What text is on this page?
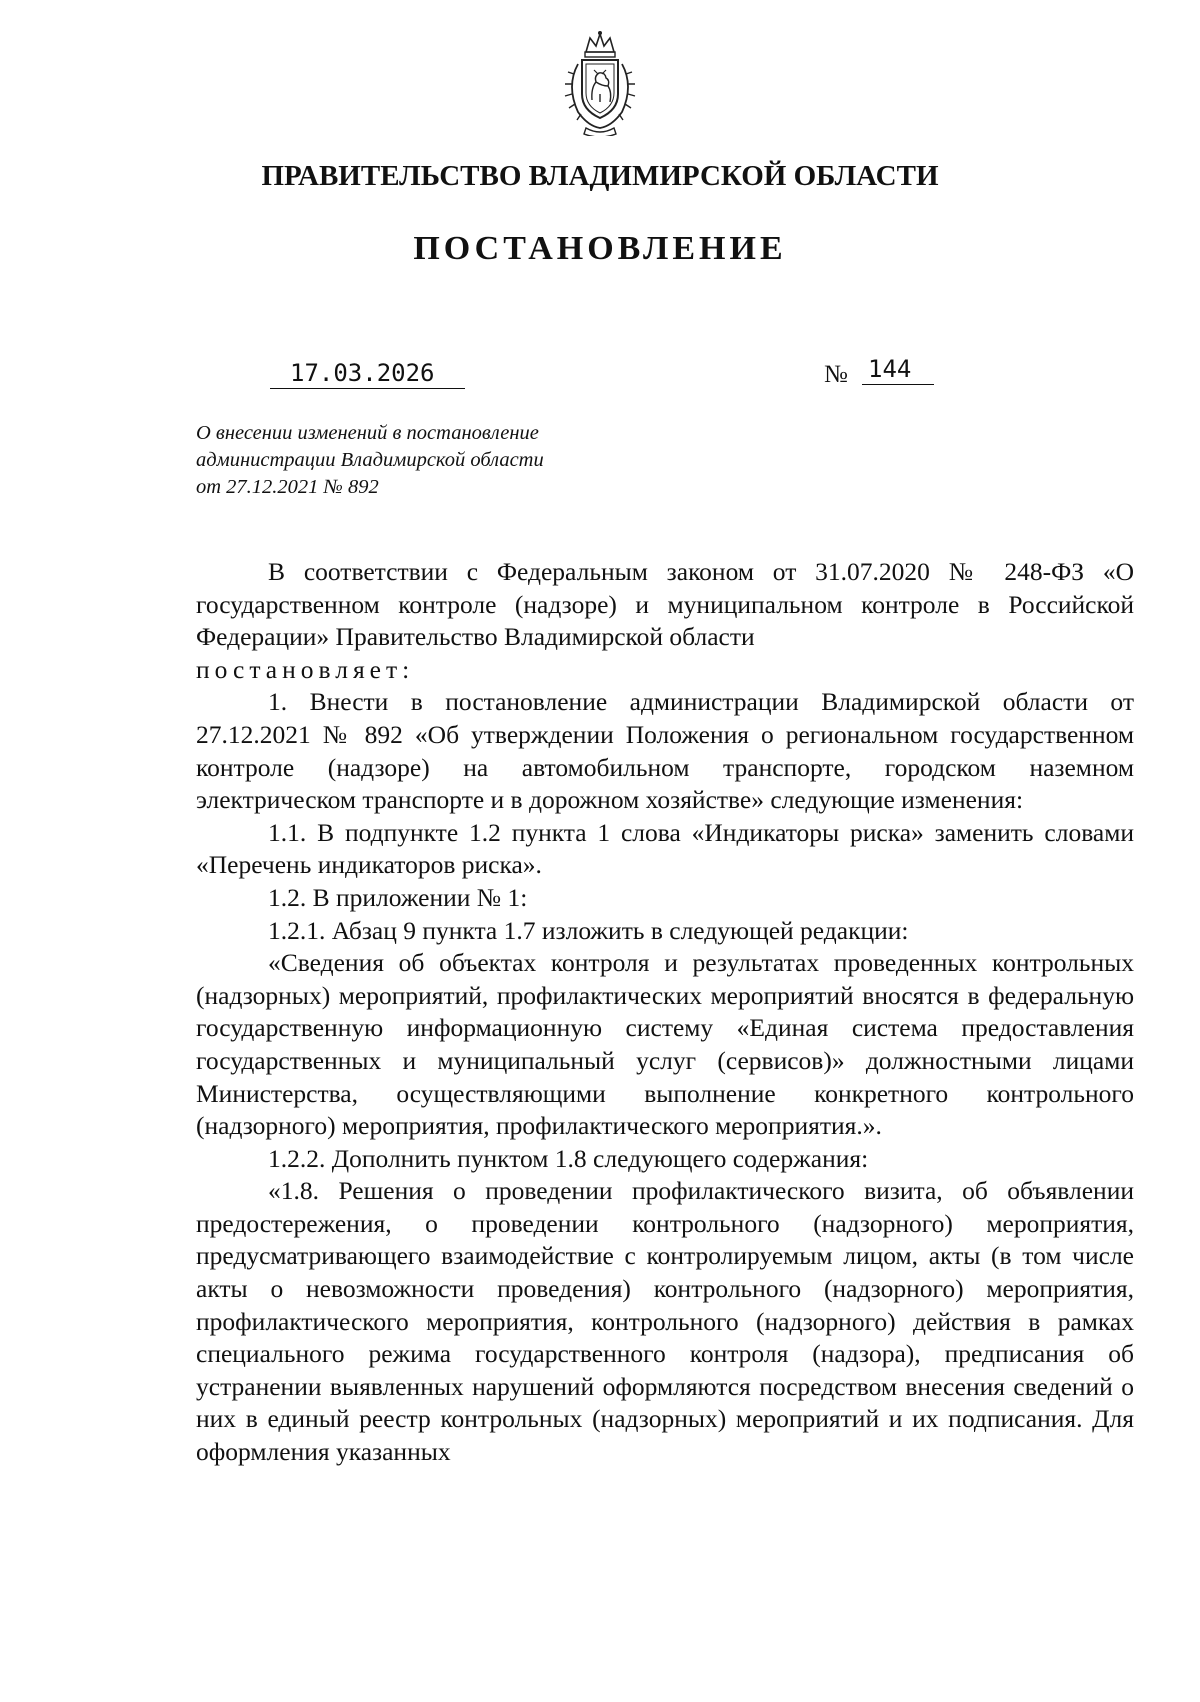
ПРАВИТЕЛЬСТВО ВЛАДИМИРСКОЙ ОБЛАСТИ
ПОСТАНОВЛЕНИЕ
17.03.2026	№ 144
О внесении изменений в постановление
администрации Владимирской области
от 27.12.2021 № 892

В соответствии с Федеральным законом от 31.07.2020 № 248-ФЗ «О государственном контроле (надзоре) и муниципальном контроле в Российской Федерации» Правительство Владимирской области
постановляет:

1. Внести в постановление администрации Владимирской области от 27.12.2021 № 892 «Об утверждении Положения о региональном государственном контроле (надзоре) на автомобильном транспорте, городском наземном электрическом транспорте и в дорожном хозяйстве» следующие изменения:

1.1. В подпункте 1.2 пункта 1 слова «Индикаторы риска» заменить словами «Перечень индикаторов риска».

1.2. В приложении № 1:

1.2.1. Абзац 9 пункта 1.7 изложить в следующей редакции:

«Сведения об объектах контроля и результатах проведенных контрольных (надзорных) мероприятий, профилактических мероприятий вносятся в федеральную государственную информационную систему «Единая система предоставления государственных и муниципальный услуг (сервисов)» должностными лицами Министерства, осуществляющими выполнение конкретного контрольного (надзорного) мероприятия, профилактического мероприятия.».

1.2.2. Дополнить пунктом 1.8 следующего содержания:

«1.8. Решения о проведении профилактического визита, об объявлении предостережения, о проведении контрольного (надзорного) мероприятия, предусматривающего взаимодействие с контролируемым лицом, акты (в том числе акты о невозможности проведения) контрольного (надзорного) мероприятия, профилактического мероприятия, контрольного (надзорного) действия в рамках специального режима государственного контроля (надзора), предписания об устранении выявленных нарушений оформляются посредством внесения сведений о них в единый реестр контрольных (надзорных) мероприятий и их подписания. Для оформления указанных
